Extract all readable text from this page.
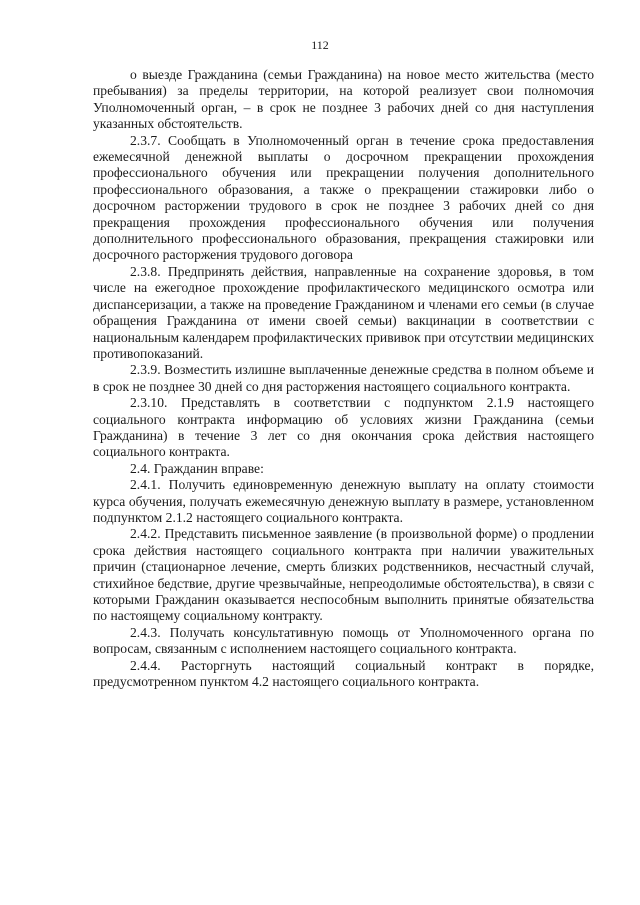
112

о выезде Гражданина (семьи Гражданина) на новое место жительства (место пребывания) за пределы территории, на которой реализует свои полномочия Уполномоченный орган, – в срок не позднее 3 рабочих дней со дня наступления указанных обстоятельств.

2.3.7. Сообщать в Уполномоченный орган в течение срока предоставления ежемесячной денежной выплаты о досрочном прекращении прохождения профессионального обучения или прекращении получения дополнительного профессионального образования, а также о прекращении стажировки либо о досрочном расторжении трудового в срок не позднее 3 рабочих дней со дня прекращения прохождения профессионального обучения или получения дополнительного профессионального образования, прекращения стажировки или досрочного расторжения трудового договора

2.3.8. Предпринять действия, направленные на сохранение здоровья, в том числе на ежегодное прохождение профилактического медицинского осмотра или диспансеризации, а также на проведение Гражданином и членами его семьи (в случае обращения Гражданина от имени своей семьи) вакцинации в соответствии с национальным календарем профилактических прививок при отсутствии медицинских противопоказаний.

2.3.9. Возместить излишне выплаченные денежные средства в полном объеме и в срок не позднее 30 дней со дня расторжения настоящего социального контракта.

2.3.10. Представлять в соответствии с подпунктом 2.1.9 настоящего социального контракта информацию об условиях жизни Гражданина (семьи Гражданина) в течение 3 лет со дня окончания срока действия настоящего социального контракта.

2.4. Гражданин вправе:

2.4.1. Получить единовременную денежную выплату на оплату стоимости курса обучения, получать ежемесячную денежную выплату в размере, установленном подпунктом 2.1.2 настоящего социального контракта.

2.4.2. Представить письменное заявление (в произвольной форме) о продлении срока действия настоящего социального контракта при наличии уважительных причин (стационарное лечение, смерть близких родственников, несчастный случай, стихийное бедствие, другие чрезвычайные, непреодолимые обстоятельства), в связи с которыми Гражданин оказывается неспособным выполнить принятые обязательства по настоящему социальному контракту.

2.4.3. Получать консультативную помощь от Уполномоченного органа по вопросам, связанным с исполнением настоящего социального контракта.

2.4.4. Расторгнуть настоящий социальный контракт в порядке, предусмотренном пунктом 4.2 настоящего социального контракта.
